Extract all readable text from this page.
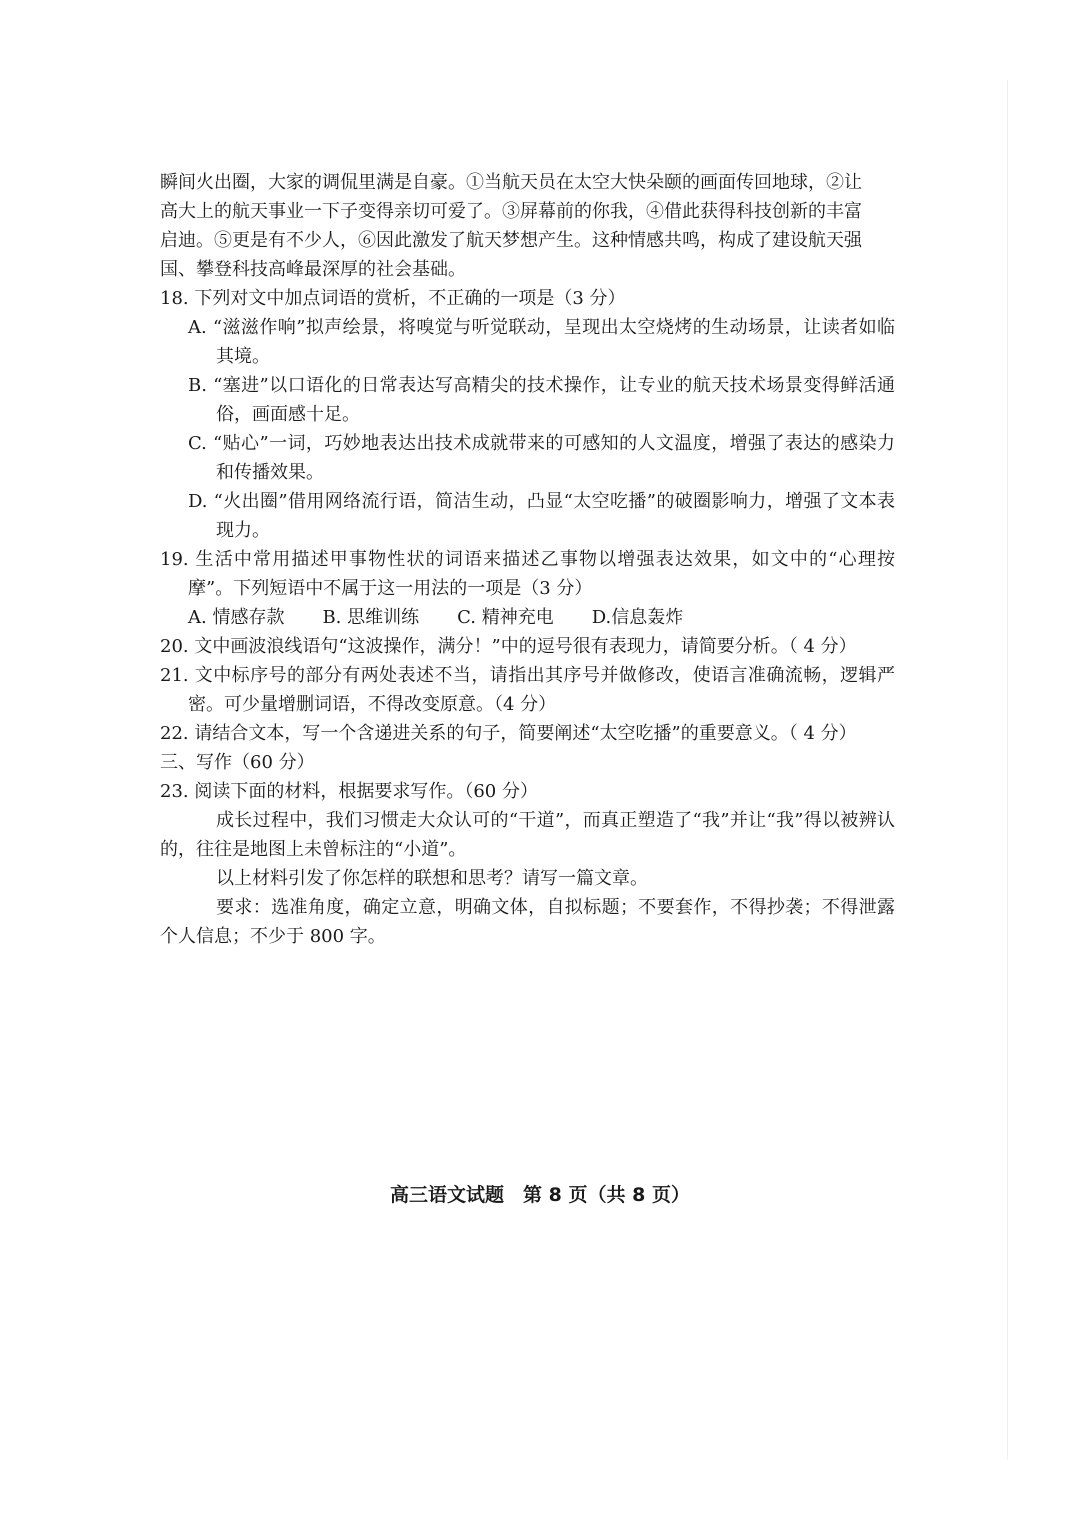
瞬间火出圈，大家的调侃里满是自豪。①当航天员在太空大快朵颐的画面传回地球，②让

高大上的航天事业一下子变得亲切可爱了。③屏幕前的你我，④借此获得科技创新的丰富

启迪。⑤更是有不少人，⑥因此激发了航天梦想产生。这种情感共鸣，构成了建设航天强

国、攀登科技高峰最深厚的社会基础。

18. 下列对文中加点词语的赏析，不正确的一项是（3 分）

A. “滋滋作响”拟声绘景，将嗅觉与听觉联动，呈现出太空烧烤的生动场景，让读者如临其境。

B. “塞进”以口语化的日常表达写高精尖的技术操作，让专业的航天技术场景变得鲜活通俗，画面感十足。

C. “贴心”一词，巧妙地表达出技术成就带来的可感知的人文温度，增强了表达的感染力和传播效果。

D. “火出圈”借用网络流行语，简洁生动，凸显“太空吃播”的破圈影响力，增强了文本表现力。

19. 生活中常用描述甲事物性状的词语来描述乙事物以增强表达效果，如文中的“心理按摩”。下列短语中不属于这一用法的一项是（3 分）

A. 情感存款 B. 思维训练 C. 精神充电 D.信息轰炸

20. 文中画波浪线语句“这波操作，满分！”中的逗号很有表现力，请简要分析。（ 4 分）

21. 文中标序号的部分有两处表述不当，请指出其序号并做修改，使语言准确流畅，逻辑严密。可少量增删词语，不得改变原意。（4 分）

22. 请结合文本，写一个含递进关系的句子，简要阐述“太空吃播”的重要意义。（ 4 分）

三、写作（60 分）

23. 阅读下面的材料，根据要求写作。（60 分）

成长过程中，我们习惯走大众认可的“干道”，而真正塑造了“我”并让“我”得以被辨认的，往往是地图上未曾标注的“小道”。

以上材料引发了你怎样的联想和思考？请写一篇文章。

要求：选准角度，确定立意，明确文体，自拟标题；不要套作，不得抄袭；不得泄露个人信息；不少于 800 字。

高三语文试题　第 8 页（共 8 页）
